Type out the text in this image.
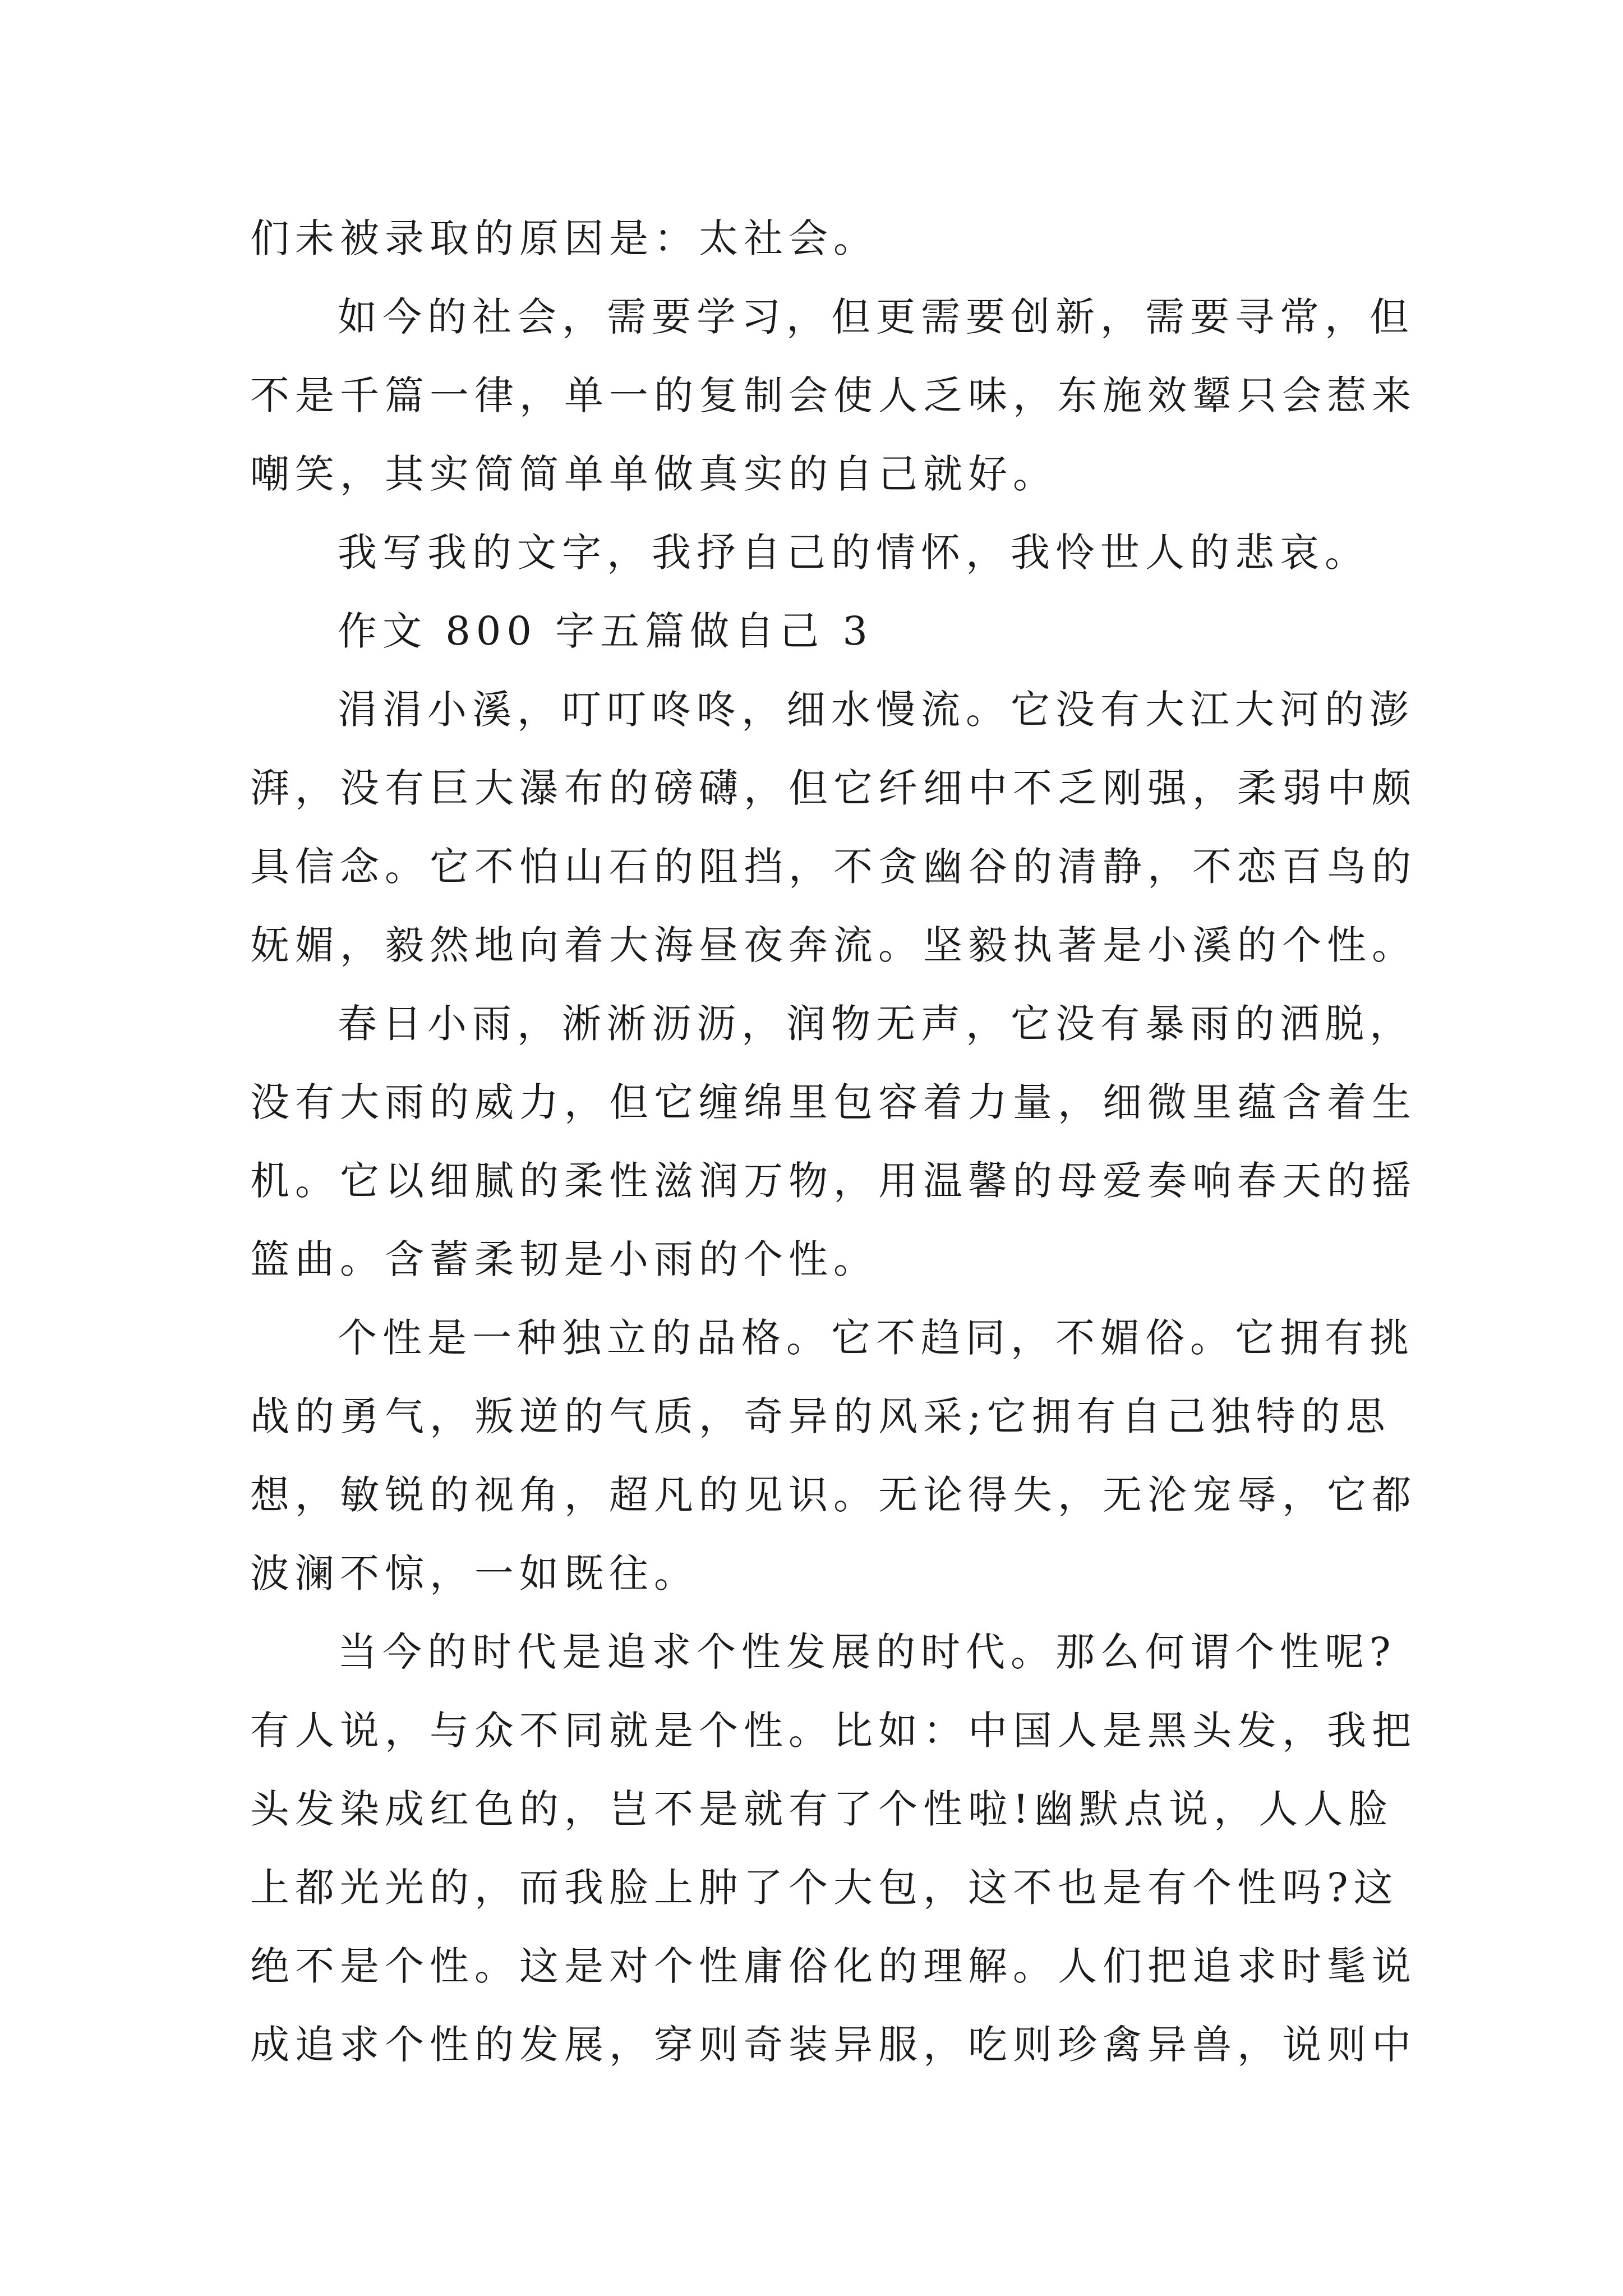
们未被录取的原因是：太社会。
如今的社会，需要学习，但更需要创新，需要寻常，但
不是千篇一律，单一的复制会使人乏味，东施效颦只会惹来
嘲笑，其实简简单单做真实的自己就好。
我写我的文字，我抒自己的情怀，我怜世人的悲哀。
作文 800 字五篇做自己 3
涓涓小溪，叮叮咚咚，细水慢流。它没有大江大河的澎
湃，没有巨大瀑布的磅礴，但它纤细中不乏刚强，柔弱中颇
具信念。它不怕山石的阻挡，不贪幽谷的清静，不恋百鸟的
妩媚，毅然地向着大海昼夜奔流。坚毅执著是小溪的个性。
春日小雨，淅淅沥沥，润物无声，它没有暴雨的洒脱，
没有大雨的威力，但它缠绵里包容着力量，细微里蕴含着生
机。它以细腻的柔性滋润万物，用温馨的母爱奏响春天的摇
篮曲。含蓄柔韧是小雨的个性。
个性是一种独立的品格。它不趋同，不媚俗。它拥有挑
战的勇气，叛逆的气质，奇异的风采;它拥有自己独特的思
想，敏锐的视角，超凡的见识。无论得失，无沦宠辱，它都
波澜不惊，一如既往。
当今的时代是追求个性发展的时代。那么何谓个性呢?
有人说，与众不同就是个性。比如：中国人是黑头发，我把
头发染成红色的，岂不是就有了个性啦!幽默点说，人人脸
上都光光的，而我脸上肿了个大包，这不也是有个性吗?这
绝不是个性。这是对个性庸俗化的理解。人们把追求时髦说
成追求个性的发展，穿则奇装异服，吃则珍禽异兽，说则中
